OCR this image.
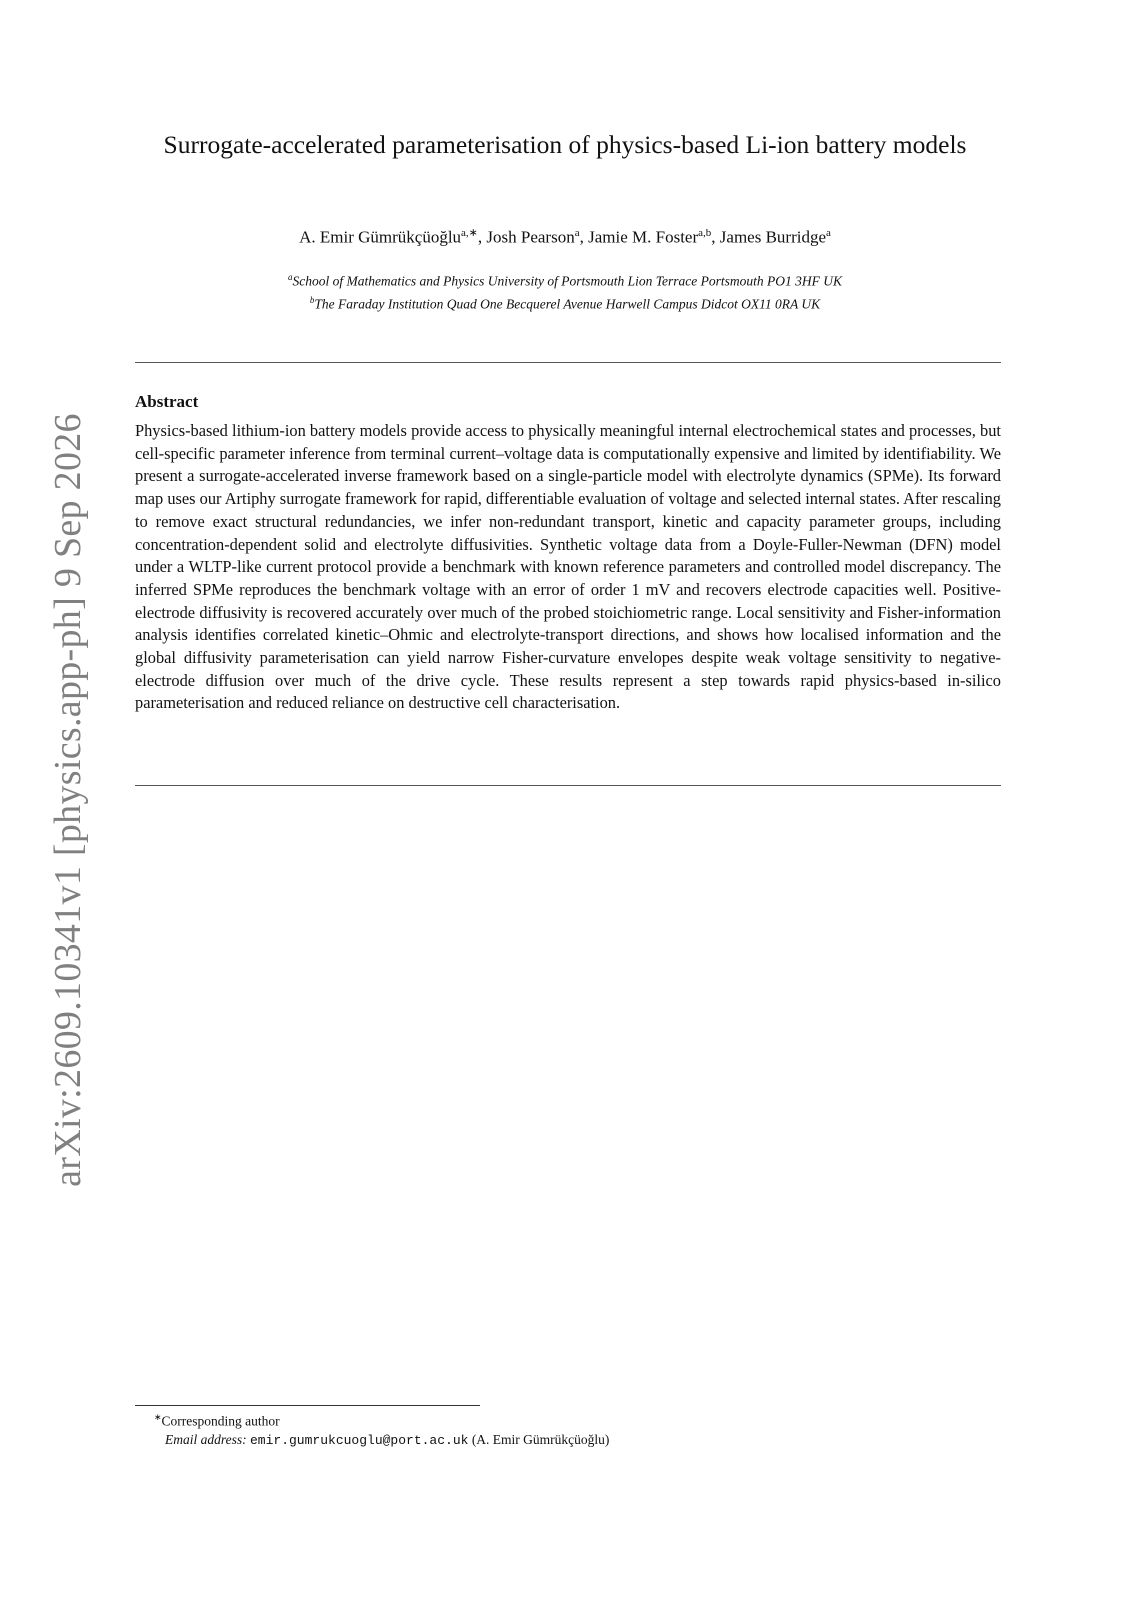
arXiv:2609.10341v1 [physics.app-ph] 9 Sep 2026
Surrogate-accelerated parameterisation of physics-based Li-ion battery models
A. Emir Gümrükçüoğlu$^{a,∗}$, Josh Pearson$^a$, Jamie M. Foster$^{a,b}$, James Burridge$^a$
$^a$School of Mathematics and Physics University of Portsmouth Lion Terrace Portsmouth PO1 3HF UK
$^b$The Faraday Institution Quad One Becquerel Avenue Harwell Campus Didcot OX11 0RA UK
Abstract
Physics-based lithium-ion battery models provide access to physically meaningful internal electrochemical states and processes, but cell-specific parameter inference from terminal current–voltage data is computationally expensive and limited by identifiability. We present a surrogate-accelerated inverse framework based on a single-particle model with electrolyte dynamics (SPMe). Its forward map uses our Artiphy surrogate framework for rapid, differentiable evaluation of voltage and selected internal states. After rescaling to remove exact structural redundancies, we infer non-redundant transport, kinetic and capacity parameter groups, including concentration-dependent solid and electrolyte diffusivities. Synthetic voltage data from a Doyle-Fuller-Newman (DFN) model under a WLTP-like current protocol provide a benchmark with known reference parameters and controlled model discrepancy. The inferred SPMe reproduces the benchmark voltage with an error of order 1 mV and recovers electrode capacities well. Positive-electrode diffusivity is recovered accurately over much of the probed stoichiometric range. Local sensitivity and Fisher-information analysis identifies correlated kinetic–Ohmic and electrolyte-transport directions, and shows how localised information and the global diffusivity parameterisation can yield narrow Fisher-curvature envelopes despite weak voltage sensitivity to negative-electrode diffusion over much of the drive cycle. These results represent a step towards rapid physics-based in-silico parameterisation and reduced reliance on destructive cell characterisation.
∗Corresponding author
Email address: emir.gumrukcuoglu@port.ac.uk (A. Emir Gümrükçüoğlu)
